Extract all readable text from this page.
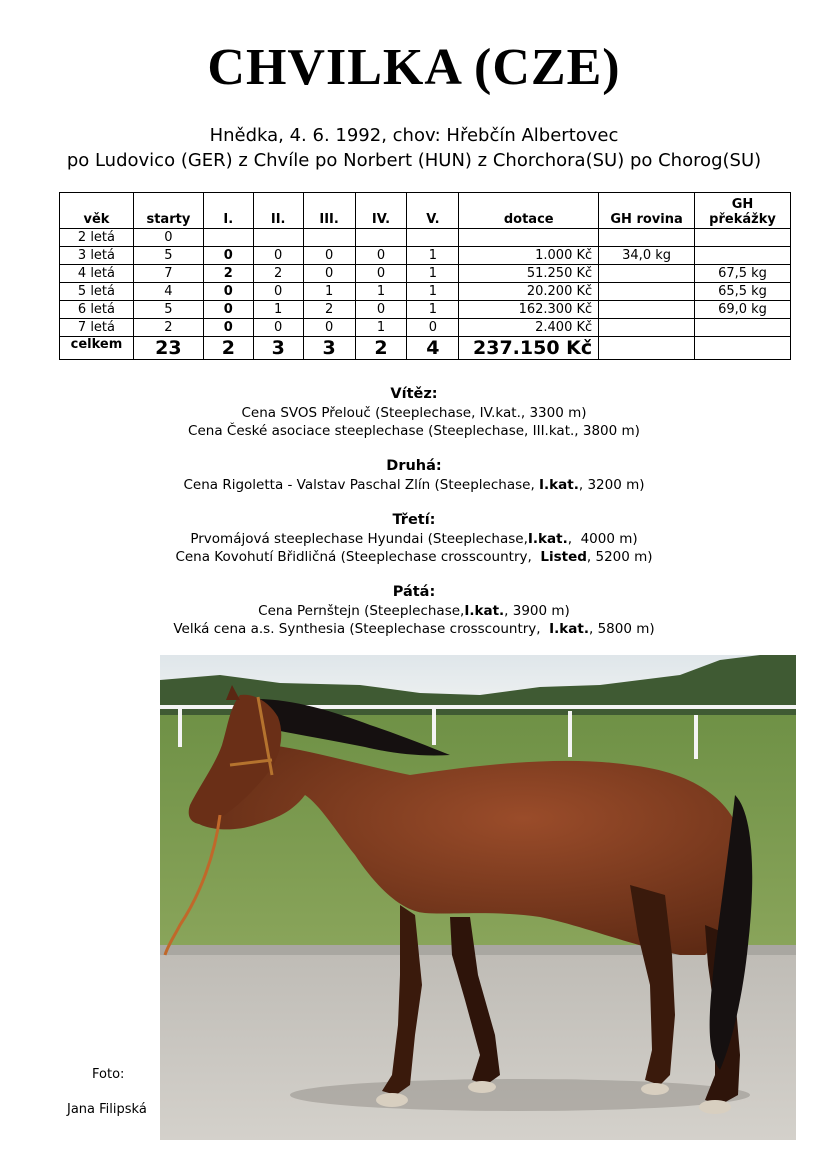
CHVILKA (CZE)
Hnědka, 4. 6. 1992, chov: Hřebčín Albertovec
po Ludovico (GER) z Chvíle po Norbert (HUN) z Chorchora(SU) po Chorog(SU)
věk	starty	I.	II.	III.	IV.	V.	dotace	GH rovina	GH překážky
2 letá	0								
3 letá	5	0	0	0	0	1	1.000 Kč	34,0 kg	
4 letá	7	2	2	0	0	1	51.250 Kč		67,5 kg
5 letá	4	0	0	1	1	1	20.200 Kč		65,5 kg
6 letá	5	0	1	2	0	1	162.300 Kč		69,0 kg
7 letá	2	0	0	0	1	0	2.400 Kč		
celkem	23	2	3	3	2	4	237.150 Kč		
Vítěz:
Cena SVOS Přelouč (Steeplechase, IV.kat., 3300 m)
Cena České asociace steeplechase (Steeplechase, III.kat., 3800 m)
Druhá:
Cena Rigoletta - Valstav Paschal Zlín (Steeplechase, I.kat., 3200 m)
Třetí:
Prvomájová steeplechase Hyundai (Steeplechase,I.kat.,  4000 m)
Cena Kovohutí Břidličná (Steeplechase crosscountry,  Listed, 5200 m)
Pátá:
Cena Pernštejn (Steeplechase,I.kat., 3900 m)
Velká cena a.s. Synthesia (Steeplechase crosscountry,  I.kat., 5800 m)
Foto:
Jana Filipská
